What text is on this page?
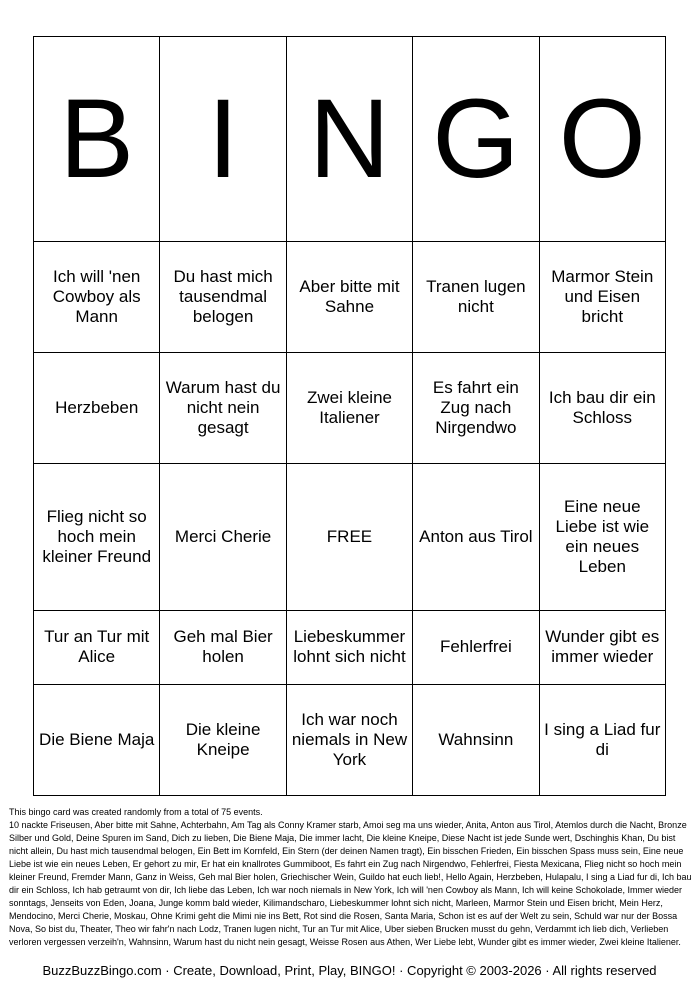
B	I	N	G	O
Ich will 'nen Cowboy als Mann	Du hast mich tausendmal belogen	Aber bitte mit Sahne	Tranen lugen nicht	Marmor Stein und Eisen bricht
Herzbeben	Warum hast du nicht nein gesagt	Zwei kleine Italiener	Es fahrt ein Zug nach Nirgendwo	Ich bau dir ein Schloss
Flieg nicht so hoch mein kleiner Freund	Merci Cherie	FREE	Anton aus Tirol	Eine neue Liebe ist wie ein neues Leben
Tur an Tur mit Alice	Geh mal Bier holen	Liebeskummer lohnt sich nicht	Fehlerfrei	Wunder gibt es immer wieder
Die Biene Maja	Die kleine Kneipe	Ich war noch niemals in New York	Wahnsinn	I sing a Liad fur di

This bingo card was created randomly from a total of 75 events.

10 nackte Friseusen, Aber bitte mit Sahne, Achterbahn, Am Tag als Conny Kramer starb, Amoi seg ma uns wieder, Anita, Anton aus Tirol, Atemlos durch die Nacht, Bronze Silber und Gold, Deine Spuren im Sand, Dich zu lieben, Die Biene Maja, Die immer lacht, Die kleine Kneipe, Diese Nacht ist jede Sunde wert, Dschinghis Khan, Du bist nicht allein, Du hast mich tausendmal belogen, Ein Bett im Kornfeld, Ein Stern (der deinen Namen tragt), Ein bisschen Frieden, Ein bisschen Spass muss sein, Eine neue Liebe ist wie ein neues Leben, Er gehort zu mir, Er hat ein knallrotes Gummiboot, Es fahrt ein Zug nach Nirgendwo, Fehlerfrei, Fiesta Mexicana, Flieg nicht so hoch mein kleiner Freund, Fremder Mann, Ganz in Weiss, Geh mal Bier holen, Griechischer Wein, Guildo hat euch lieb!, Hello Again, Herzbeben, Hulapalu, I sing a Liad fur di, Ich bau dir ein Schloss, Ich hab getraumt von dir, Ich liebe das Leben, Ich war noch niemals in New York, Ich will 'nen Cowboy als Mann, Ich will keine Schokolade, Immer wieder sonntags, Jenseits von Eden, Joana, Junge komm bald wieder, Kilimandscharo, Liebeskummer lohnt sich nicht, Marleen, Marmor Stein und Eisen bricht, Mein Herz, Mendocino, Merci Cherie, Moskau, Ohne Krimi geht die Mimi nie ins Bett, Rot sind die Rosen, Santa Maria, Schon ist es auf der Welt zu sein, Schuld war nur der Bossa Nova, So bist du, Theater, Theo wir fahr'n nach Lodz, Tranen lugen nicht, Tur an Tur mit Alice, Uber sieben Brucken musst du gehn, Verdammt ich lieb dich, Verlieben verloren vergessen verzeih'n, Wahnsinn, Warum hast du nicht nein gesagt, Weisse Rosen aus Athen, Wer Liebe lebt, Wunder gibt es immer wieder, Zwei kleine Italiener.

BuzzBuzzBingo.com · Create, Download, Print, Play, BINGO! · Copyright © 2003-2026 · All rights reserved
